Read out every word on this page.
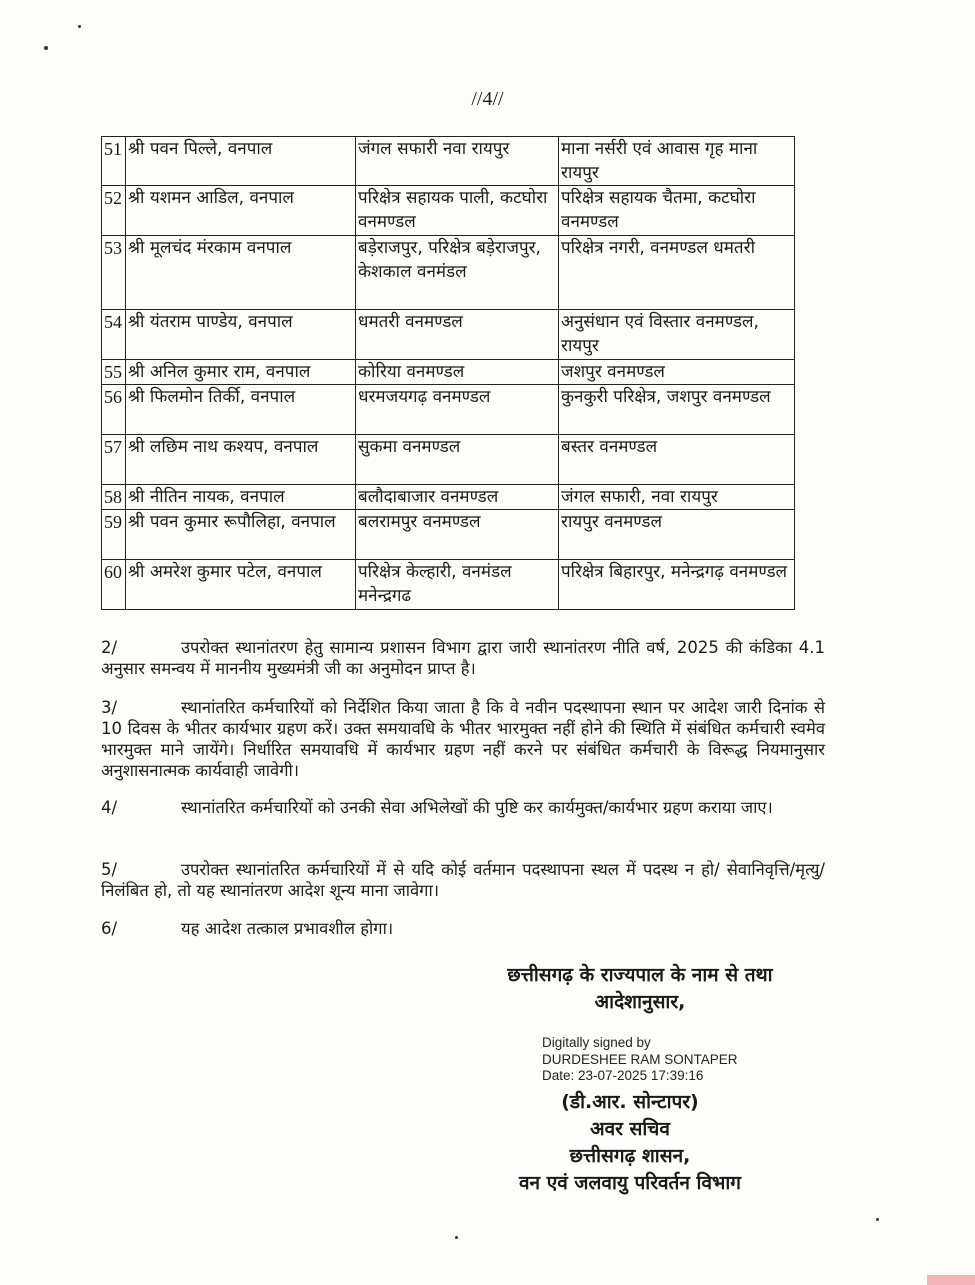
//4//
51	श्री पवन पिल्ले, वनपाल	जंगल सफारी नवा रायपुर	माना नर्सरी एवं आवास गृह माना रायपुर
52	श्री यशमन आडिल, वनपाल	परिक्षेत्र सहायक पाली, कटघोरा वनमण्डल	परिक्षेत्र सहायक चैतमा, कटघोरा वनमण्डल
53	श्री मूलचंद मंरकाम वनपाल	बड़ेराजपुर, परिक्षेत्र बड़ेराजपुर, केशकाल वनमंडल	परिक्षेत्र नगरी, वनमण्डल धमतरी
54	श्री यंतराम पाण्डेय, वनपाल	धमतरी वनमण्डल	अनुसंधान एवं विस्तार वनमण्डल, रायपुर
55	श्री अनिल कुमार राम, वनपाल	कोरिया वनमण्डल	जशपुर वनमण्डल
56	श्री फिलमोन तिर्की, वनपाल	धरमजयगढ़ वनमण्डल	कुनकुरी परिक्षेत्र, जशपुर वनमण्डल
57	श्री लछिम नाथ कश्यप, वनपाल	सुकमा वनमण्डल	बस्तर वनमण्डल
58	श्री नीतिन नायक, वनपाल	बलौदाबाजार वनमण्डल	जंगल सफारी, नवा रायपुर
59	श्री पवन कुमार रूपौलिहा, वनपाल	बलरामपुर वनमण्डल	रायपुर वनमण्डल
60	श्री अमरेश कुमार पटेल, वनपाल	परिक्षेत्र केल्हारी, वनमंडल मनेन्द्रगढ	परिक्षेत्र बिहारपुर, मनेन्द्रगढ़ वनमण्डल
2/	उपरोक्त स्थानांतरण हेतु सामान्य प्रशासन विभाग द्वारा जारी स्थानांतरण नीति वर्ष, 2025 की कंडिका 4.1 अनुसार समन्वय में माननीय मुख्यमंत्री जी का अनुमोदन प्राप्त है।
3/	स्थानांतरित कर्मचारियों को निर्देशित किया जाता है कि वे नवीन पदस्थापना स्थान पर आदेश जारी दिनांक से 10 दिवस के भीतर कार्यभार ग्रहण करें। उक्त समयावधि के भीतर भारमुक्त नहीं होने की स्थिति में संबंधित कर्मचारी स्वमेव भारमुक्त माने जायेंगे। निर्धारित समयावधि में कार्यभार ग्रहण नहीं करने पर संबंधित कर्मचारी के विरूद्ध नियमानुसार अनुशासनात्मक कार्यवाही जावेगी।
4/	स्थानांतरित कर्मचारियों को उनकी सेवा अभिलेखों की पुष्टि कर कार्यमुक्त/कार्यभार ग्रहण कराया जाए।
5/	उपरोक्त स्थानांतरित कर्मचारियों में से यदि कोई वर्तमान पदस्थापना स्थल में पदस्थ न हो/ सेवानिवृत्ति/मृत्यु/निलंबित हो, तो यह स्थानांतरण आदेश शून्य माना जावेगा।
6/	यह आदेश तत्काल प्रभावशील होगा।
छत्तीसगढ़ के राज्यपाल के नाम से तथा
आदेशानुसार,
Digitally signed by
DURDESHEE RAM SONTAPER
Date: 23-07-2025 17:39:16
(डी.आर. सोन्टापर)
अवर सचिव
छत्तीसगढ़ शासन,
वन एवं जलवायु परिवर्तन विभाग
